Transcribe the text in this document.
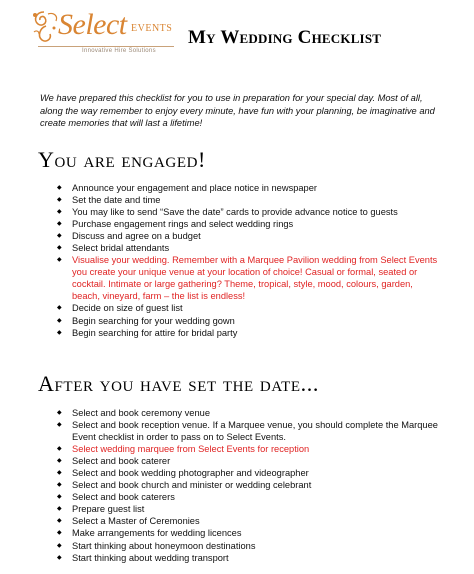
Select EVENTS
Innovative Hire Solutions
My Wedding Checklist

We have prepared this checklist for you to use in preparation for your special day. Most of all, along the way remember to enjoy every minute, have fun with your planning, be imaginative and create memories that will last a lifetime!

You are engaged!
◆ Announce your engagement and place notice in newspaper
◆ Set the date and time
◆ You may like to send “Save the date” cards to provide advance notice to guests
◆ Purchase engagement rings and select wedding rings
◆ Discuss and agree on a budget
◆ Select bridal attendants
◆ Visualise your wedding. Remember with a Marquee Pavilion wedding from Select Events you create your unique venue at your location of choice! Casual or formal, seated or cocktail. Intimate or large gathering? Theme, tropical, style, mood, colours, garden, beach, vineyard, farm – the list is endless!
◆ Decide on size of guest list
◆ Begin searching for your wedding gown
◆ Begin searching for attire for bridal party
After you have set the date...
◆ Select and book ceremony venue
◆ Select and book reception venue. If a Marquee venue, you should complete the Marquee Event checklist in order to pass on to Select Events.
◆ Select wedding marquee from Select Events for reception
◆ Select and book caterer
◆ Select and book wedding photographer and videographer
◆ Select and book church and minister or wedding celebrant
◆ Select and book caterers
◆ Prepare guest list
◆ Select a Master of Ceremonies
◆ Make arrangements for wedding licences
◆ Start thinking about honeymoon destinations
◆ Start thinking about wedding transport
